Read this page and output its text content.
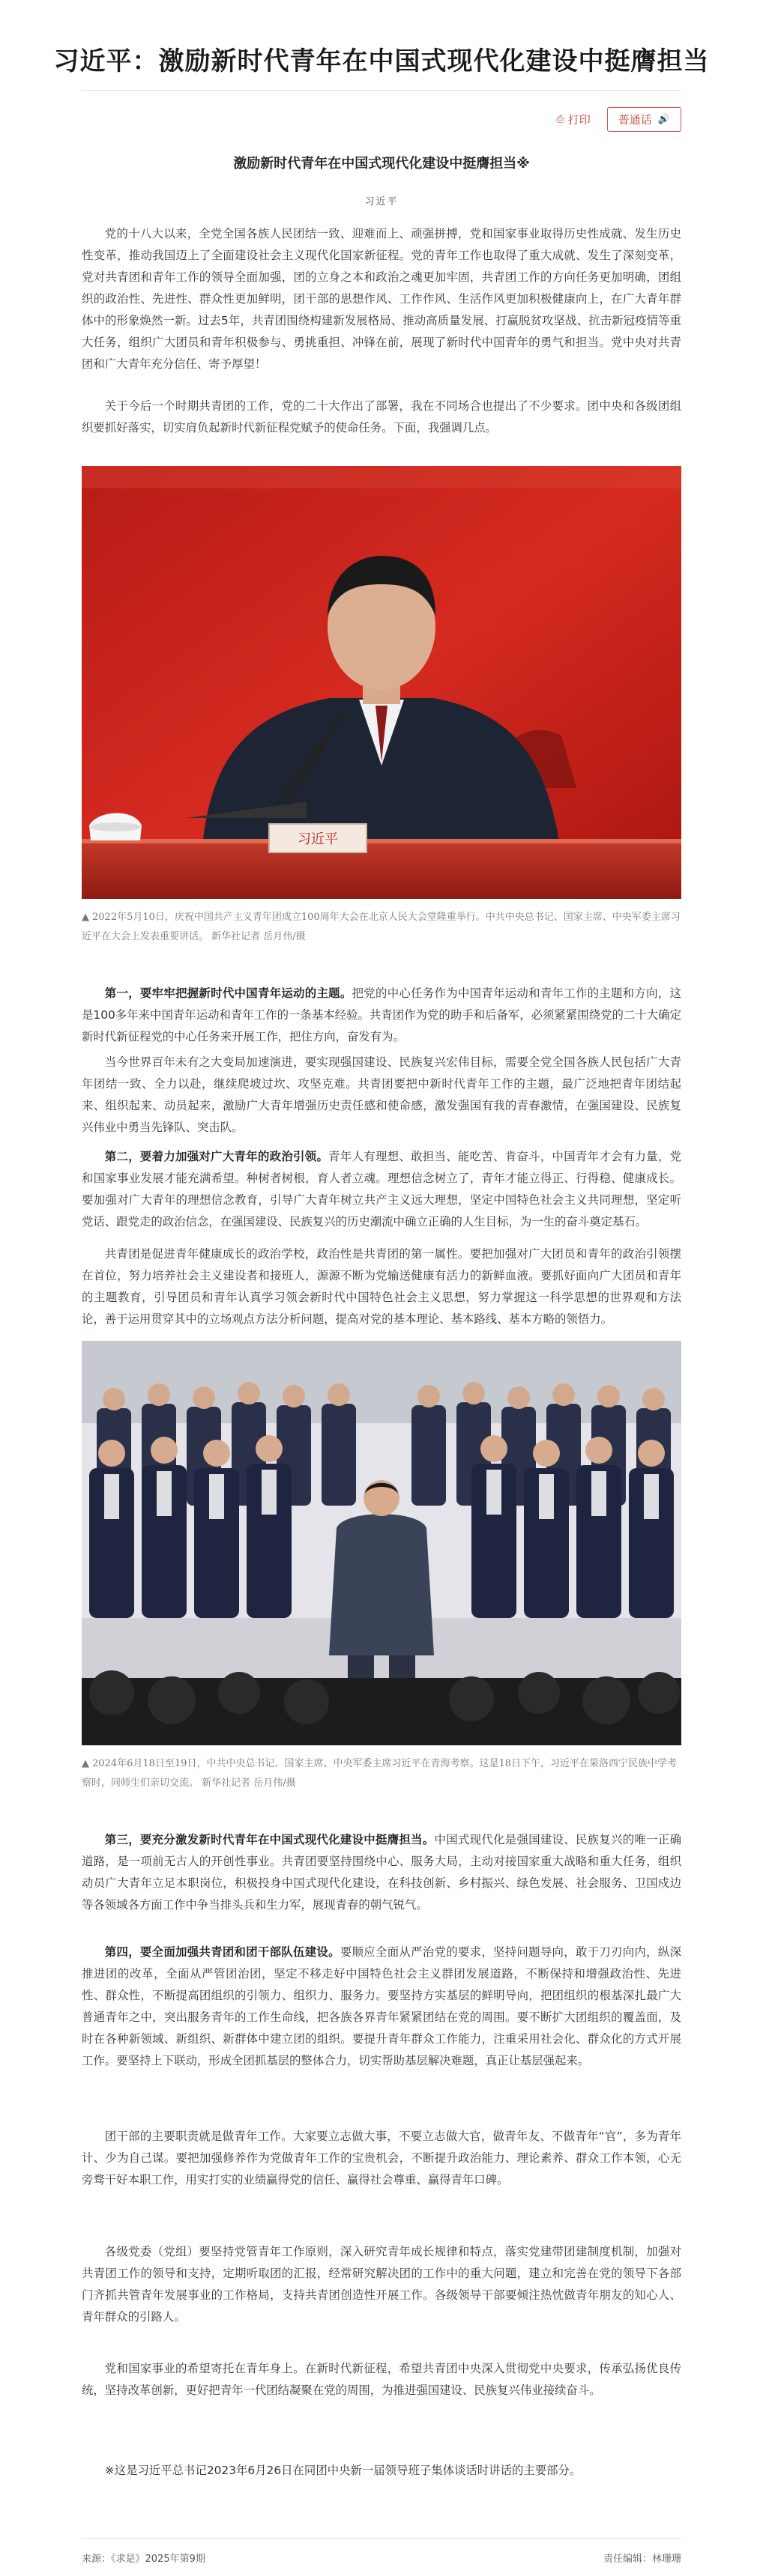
习近平：激励新时代青年在中国式现代化建设中挺膺担当
⎙ 打印 普通话 🔊
激励新时代青年在中国式现代化建设中挺膺担当※
习近平

党的十八大以来，全党全国各族人民团结一致、迎难而上、顽强拼搏，党和国家事业取得历史性成就、发生历史性变革，推动我国迈上了全面建设社会主义现代化国家新征程。党的青年工作也取得了重大成就、发生了深刻变革，党对共青团和青年工作的领导全面加强，团的立身之本和政治之魂更加牢固，共青团工作的方向任务更加明确，团组织的政治性、先进性、群众性更加鲜明，团干部的思想作风、工作作风、生活作风更加积极健康向上，在广大青年群体中的形象焕然一新。过去5年，共青团围绕构建新发展格局、推动高质量发展、打赢脱贫攻坚战、抗击新冠疫情等重大任务，组织广大团员和青年积极参与、勇挑重担、冲锋在前，展现了新时代中国青年的勇气和担当。党中央对共青团和广大青年充分信任、寄予厚望！

关于今后一个时期共青团的工作，党的二十大作出了部署，我在不同场合也提出了不少要求。团中央和各级团组织要抓好落实，切实肩负起新时代新征程党赋予的使命任务。下面，我强调几点。

习近平
▲ 2022年5月10日，庆祝中国共产主义青年团成立100周年大会在北京人民大会堂隆重举行。中共中央总书记、国家主席、中央军委主席习近平在大会上发表重要讲话。 新华社记者 岳月伟/摄

第一，要牢牢把握新时代中国青年运动的主题。把党的中心任务作为中国青年运动和青年工作的主题和方向，这是100多年来中国青年运动和青年工作的一条基本经验。共青团作为党的助手和后备军，必须紧紧围绕党的二十大确定新时代新征程党的中心任务来开展工作，把住方向，奋发有为。

当今世界百年未有之大变局加速演进，要实现强国建设、民族复兴宏伟目标，需要全党全国各族人民包括广大青年团结一致、全力以赴，继续爬坡过坎、攻坚克难。共青团要把中新时代青年工作的主题，最广泛地把青年团结起来、组织起来、动员起来，激励广大青年增强历史责任感和使命感，激发强国有我的青春激情，在强国建设、民族复兴伟业中勇当先锋队、突击队。

第二，要着力加强对广大青年的政治引领。青年人有理想、敢担当、能吃苦、肯奋斗，中国青年才会有力量，党和国家事业发展才能充满希望。种树者树根，育人者立魂。理想信念树立了，青年才能立得正、行得稳、健康成长。要加强对广大青年的理想信念教育，引导广大青年树立共产主义远大理想，坚定中国特色社会主义共同理想，坚定听党话、跟党走的政治信念，在强国建设、民族复兴的历史潮流中确立正确的人生目标，为一生的奋斗奠定基石。

共青团是促进青年健康成长的政治学校，政治性是共青团的第一属性。要把加强对广大团员和青年的政治引领摆在首位，努力培养社会主义建设者和接班人，源源不断为党输送健康有活力的新鲜血液。要抓好面向广大团员和青年的主题教育，引导团员和青年认真学习领会新时代中国特色社会主义思想，努力掌握这一科学思想的世界观和方法论，善于运用贯穿其中的立场观点方法分析问题，提高对党的基本理论、基本路线、基本方略的领悟力。

▲ 2024年6月18日至19日，中共中央总书记、国家主席、中央军委主席习近平在青海考察。这是18日下午，习近平在果洛西宁民族中学考察时，同师生们亲切交流。 新华社记者 岳月伟/摄

第三，要充分激发新时代青年在中国式现代化建设中挺膺担当。中国式现代化是强国建设、民族复兴的唯一正确道路，是一项前无古人的开创性事业。共青团要坚持围绕中心、服务大局，主动对接国家重大战略和重大任务，组织动员广大青年立足本职岗位，积极投身中国式现代化建设，在科技创新、乡村振兴、绿色发展、社会服务、卫国戍边等各领域各方面工作中争当排头兵和生力军，展现青春的朝气锐气。

第四，要全面加强共青团和团干部队伍建设。要顺应全面从严治党的要求，坚持问题导向，敢于刀刃向内，纵深推进团的改革，全面从严管团治团，坚定不移走好中国特色社会主义群团发展道路，不断保持和增强政治性、先进性、群众性，不断提高团组织的引领力、组织力、服务力。要坚持方实基层的鲜明导向，把团组织的根基深扎最广大普通青年之中，突出服务青年的工作生命线，把各族各界青年紧紧团结在党的周围。要不断扩大团组织的覆盖面，及时在各种新领域、新组织、新群体中建立团的组织。要提升青年群众工作能力，注重采用社会化、群众化的方式开展工作。要坚持上下联动，形成全团抓基层的整体合力，切实帮助基层解决难题，真正让基层强起来。

团干部的主要职责就是做青年工作。大家要立志做大事，不要立志做大官，做青年友、不做青年“官”，多为青年计、少为自己谋。要把加强修养作为党做青年工作的宝贵机会，不断提升政治能力、理论素养、群众工作本领，心无旁骛干好本职工作，用实打实的业绩赢得党的信任、赢得社会尊重、赢得青年口碑。

各级党委（党组）要坚持党管青年工作原则，深入研究青年成长规律和特点，落实党建带团建制度机制，加强对共青团工作的领导和支持，定期听取团的汇报，经常研究解决团的工作中的重大问题，建立和完善在党的领导下各部门齐抓共管青年发展事业的工作格局，支持共青团创造性开展工作。各级领导干部要倾注热忱做青年朋友的知心人、青年群众的引路人。

党和国家事业的希望寄托在青年身上。在新时代新征程，希望共青团中央深入贯彻党中央要求，传承弘扬优良传统，坚持改革创新，更好把青年一代团结凝聚在党的周围，为推进强国建设、民族复兴伟业接续奋斗。

※这是习近平总书记2023年6月26日在同团中央新一届领导班子集体谈话时讲话的主要部分。

来源：《求是》2025年第9期	责任编辑：林珊珊
